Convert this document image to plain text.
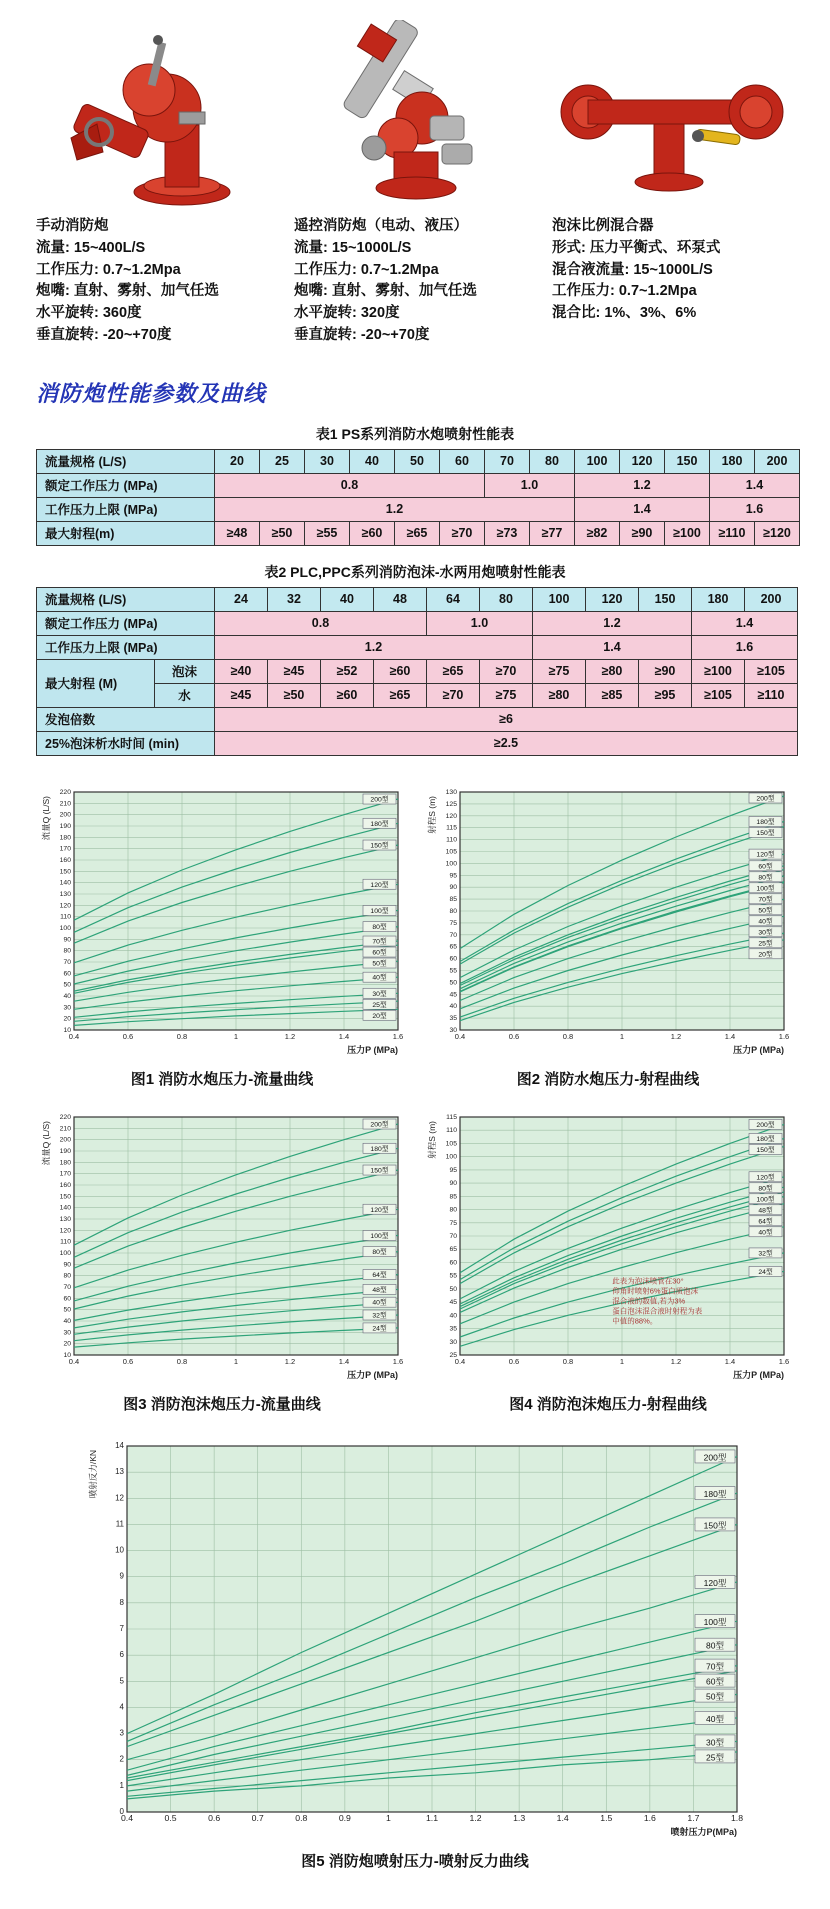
手动消防炮
流量: 15~400L/S
工作压力: 0.7~1.2Mpa
炮嘴: 直射、雾射、加气任选
水平旋转: 360度
垂直旋转: -20~+70度
遥控消防炮（电动、液压）
流量: 15~1000L/S
工作压力: 0.7~1.2Mpa
炮嘴: 直射、雾射、加气任选
水平旋转: 320度
垂直旋转: -20~+70度
泡沫比例混合器
形式: 压力平衡式、环泵式
混合液流量: 15~1000L/S
工作压力: 0.7~1.2Mpa
混合比: 1%、3%、6%
消防炮性能参数及曲线
表1 PS系列消防水炮喷射性能表
流量规格 (L/S)	20	25	30	40	50	60	70	80	100	120	150	180	200
额定工作压力 (MPa)	0.8						1.0		1.2			1.4	
工作压力上限 (MPa)	1.2								1.4			1.6	
最大射程(m)	≥48	≥50	≥55	≥60	≥65	≥70	≥73	≥77	≥82	≥90	≥100	≥110	≥120
表2 PLC,PPC系列消防泡沫-水两用炮喷射性能表
流量规格 (L/S)		24	32	40	48	64	80	100	120	150	180	200
额定工作压力 (MPa)		0.8				1.0		1.2			1.4	
工作压力上限 (MPa)		1.2						1.4			1.6	
最大射程 (M)	泡沫	≥40	≥45	≥52	≥60	≥65	≥70	≥75	≥80	≥90	≥100	≥105
	水	≥45	≥50	≥60	≥65	≥70	≥75	≥80	≥85	≥95	≥105	≥110
发泡倍数		≥6										
25%泡沫析水时间 (min)		≥2.5										
10
20
30
40
50
60
70
80
90
100
110
120
130
140
150
160
170
180
190
200
210
220
0.4	0.6	0.8	1	1.2	1.4	1.6
流量Q (L/S)
压力P (MPa)
200型
180型
150型
120型
100型
80型
70型
60型
50型
40型
30型
25型
20型
图1 消防水炮压力-流量曲线
30
35
40
45
50
55
60
65
70
75
80
85
90
95
100
105
110
115
120
125
130
0.4	0.6	0.8	1	1.2	1.4	1.6
射程S (m)
压力P (MPa)
200型
180型
150型
120型
60型
80型
100型
70型
50型
40型
30型
25型
20型
图2 消防水炮压力-射程曲线
10
20
30
40
50
60
70
80
90
100
110
120
130
140
150
160
170
180
190
200
210
220
0.4	0.6	0.8	1	1.2	1.4	1.6
流量Q (L/S)
压力P (MPa)
200型
180型
150型
120型
100型
80型
64型
48型
40型
32型
24型
图3 消防泡沫炮压力-流量曲线
25
30
35
40
45
50
55
60
65
70
75
80
85
90
95
100
105
110
115
0.4	0.6	0.8	1	1.2	1.4	1.6
射程S (m)
压力P (MPa)
200型
180型
150型
120型
80型
100型
48型
64型
40型
32型
24型
此表为泡沫喷管在30°
仰角时喷射6%蛋白质泡沫
混合液的数值,若为3%
蛋白泡沫混合液时射程为表
中值的88%。
图4 消防泡沫炮压力-射程曲线
0
1
2
3
4
5
6
7
8
9
10
11
12
13
14
0.4	0.5	0.6	0.7	0.8	0.9	1	1.1	1.2	1.3	1.4	1.5	1.6	1.7	1.8
喷射反力/KN
喷射压力P(MPa)
200型
180型
150型
120型
100型
80型
70型
60型
50型
40型
30型
25型
图5 消防炮喷射压力-喷射反力曲线
